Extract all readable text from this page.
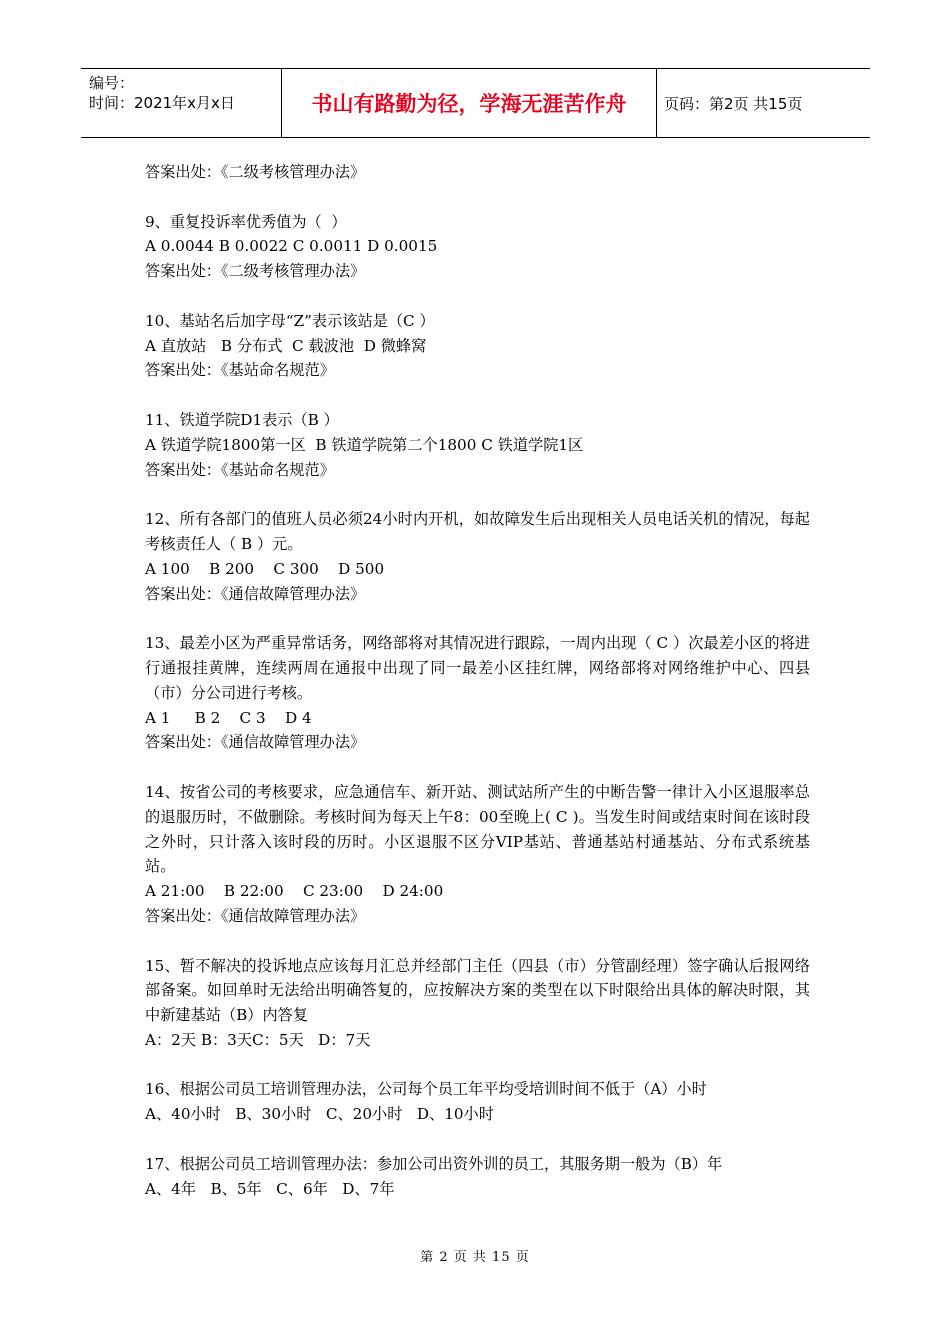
编号：
时间：2021年x月x日	书山有路勤为径，学海无涯苦作舟	页码：第2页 共15页
答案出处：《二级考核管理办法》
9、重复投诉率优秀值为（  ）
A 0.0044 B 0.0022 C 0.0011 D 0.0015
答案出处：《二级考核管理办法》
10、基站名后加字母“Z”表示该站是（C ）
A 直放站   B 分布式  C 载波池  D 微蜂窝
答案出处：《基站命名规范》
11、铁道学院D1表示（B ）
A 铁道学院1800第一区  B 铁道学院第二个1800 C 铁道学院1区
答案出处：《基站命名规范》
12、所有各部门的值班人员必须24小时内开机，如故障发生后出现相关人员电话关机的情况，每起考核责任人（ B ）元。
A 100    B 200    C 300    D 500
答案出处：《通信故障管理办法》
13、最差小区为严重异常话务，网络部将对其情况进行跟踪，一周内出现（ C ）次最差小区的将进行通报挂黄牌，连续两周在通报中出现了同一最差小区挂红牌，网络部将对网络维护中心、四县（市）分公司进行考核。
A 1     B 2    C 3    D 4
答案出处：《通信故障管理办法》
14、按省公司的考核要求，应急通信车、新开站、测试站所产生的中断告警一律计入小区退服率总的退服历时，不做删除。考核时间为每天上午8：00至晚上( C )。当发生时间或结束时间在该时段之外时，只计落入该时段的历时。小区退服不区分VIP基站、普通基站村通基站、分布式系统基站。
A 21:00    B 22:00    C 23:00    D 24:00
答案出处：《通信故障管理办法》
15、暂不解决的投诉地点应该每月汇总并经部门主任（四县（市）分管副经理）签字确认后报网络部备案。如回单时无法给出明确答复的，应按解决方案的类型在以下时限给出具体的解决时限，其中新建基站（B）内答复
A：2天 B：3天C：5天   D：7天
16、根据公司员工培训管理办法，公司每个员工年平均受培训时间不低于（A）小时
A、40小时   B、30小时   C、20小时   D、10小时
17、根据公司员工培训管理办法：参加公司出资外训的员工，其服务期一般为（B）年
A、4年   B、5年   C、6年   D、7年
第 2 页 共 15 页
